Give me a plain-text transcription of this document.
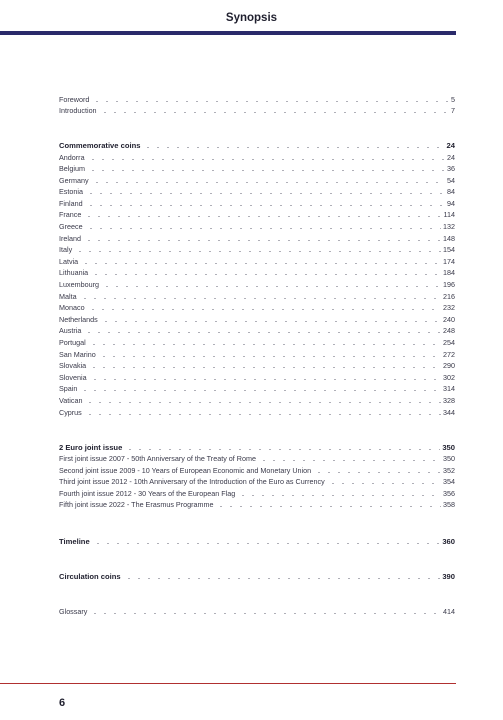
Synopsis
Foreword	5
Introduction	7
Commemorative coins	24
Andorra	24
Belgium	36
Germany	54
Estonia	84
Finland	94
France	114
Greece	132
Ireland	148
Italy	154
Latvia	174
Lithuania	184
Luxembourg	196
Malta	216
Monaco	232
Netherlands	240
Austria	248
Portugal	254
San Marino	272
Slovakia	290
Slovenia	302
Spain	314
Vatican	328
Cyprus	344
2 Euro joint issue	350
First joint issue 2007 - 50th Anniversary of the Treaty of Rome	350
Second joint issue 2009 - 10 Years of European Economic and Monetary Union	352
Third joint issue 2012 - 10th Anniversary of the Introduction of the Euro as Currency	354
Fourth joint issue 2012 - 30 Years of the European Flag	356
Fifth joint issue 2022 - The Erasmus Programme	358
Timeline	360
Circulation coins	390
Glossary	414
6
